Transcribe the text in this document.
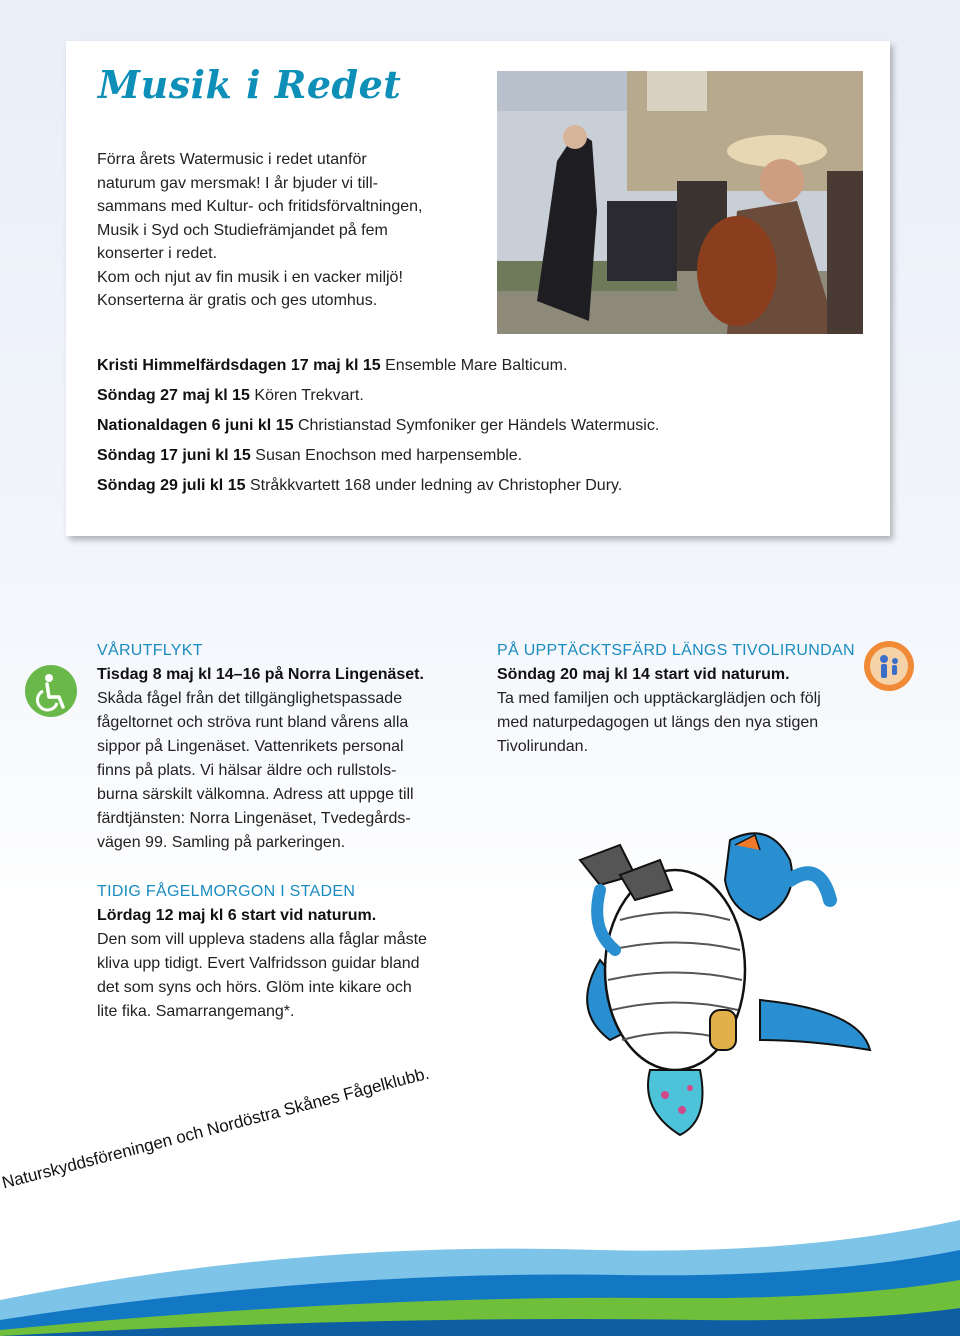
Musik i Redet

Förra årets Watermusic i redet utanför

naturum gav mersmak! I år bjuder vi till-

sammans med Kultur- och fritidsförvaltningen,

Musik i Syd och Studiefrämjandet på fem

konserter i redet.

Kom och njut av fin musik i en vacker miljö!

Konserterna är gratis och ges utomhus.

Kristi Himmelfärdsdagen 17 maj kl 15 Ensemble Mare Balticum.
Söndag 27 maj kl 15 Kören Trekvart.
Nationaldagen 6 juni kl 15 Christianstad Symfoniker ger Händels Watermusic.
Söndag 17 juni kl 15 Susan Enochson med harpensemble.
Söndag 29 juli kl 15 Stråkkvartett 168 under ledning av Christopher Dury.
VÅRUTFLYKT
Tisdag 8 maj kl 14–16 på Norra Lingenäset.
Skåda fågel från det tillgänglighetspassade
fågeltornet och ströva runt bland vårens alla
sippor på Lingenäset. Vattenrikets personal
finns på plats. Vi hälsar äldre och rullstols-
burna särskilt välkomna. Adress att uppge till
färdtjänsten: Norra Lingenäset, Tvedegårds-
vägen 99. Samling på parkeringen.
PÅ UPPTÄCKTSFÄRD LÄNGS TIVOLIRUNDAN
Söndag 20 maj kl 14 start vid naturum.
Ta med familjen och upptäckarglädjen och följ
med naturpedagogen ut längs den nya stigen
Tivolirundan.
TIDIG FÅGELMORGON I STADEN
Lördag 12 maj kl 6 start vid naturum.
Den som vill uppleva stadens alla fåglar måste
kliva upp tidigt. Evert Valfridsson guidar bland
det som syns och hörs. Glöm inte kikare och
lite fika. Samarrangemang*.
Naturskyddsföreningen och Nordöstra Skånes Fågelklubb.
